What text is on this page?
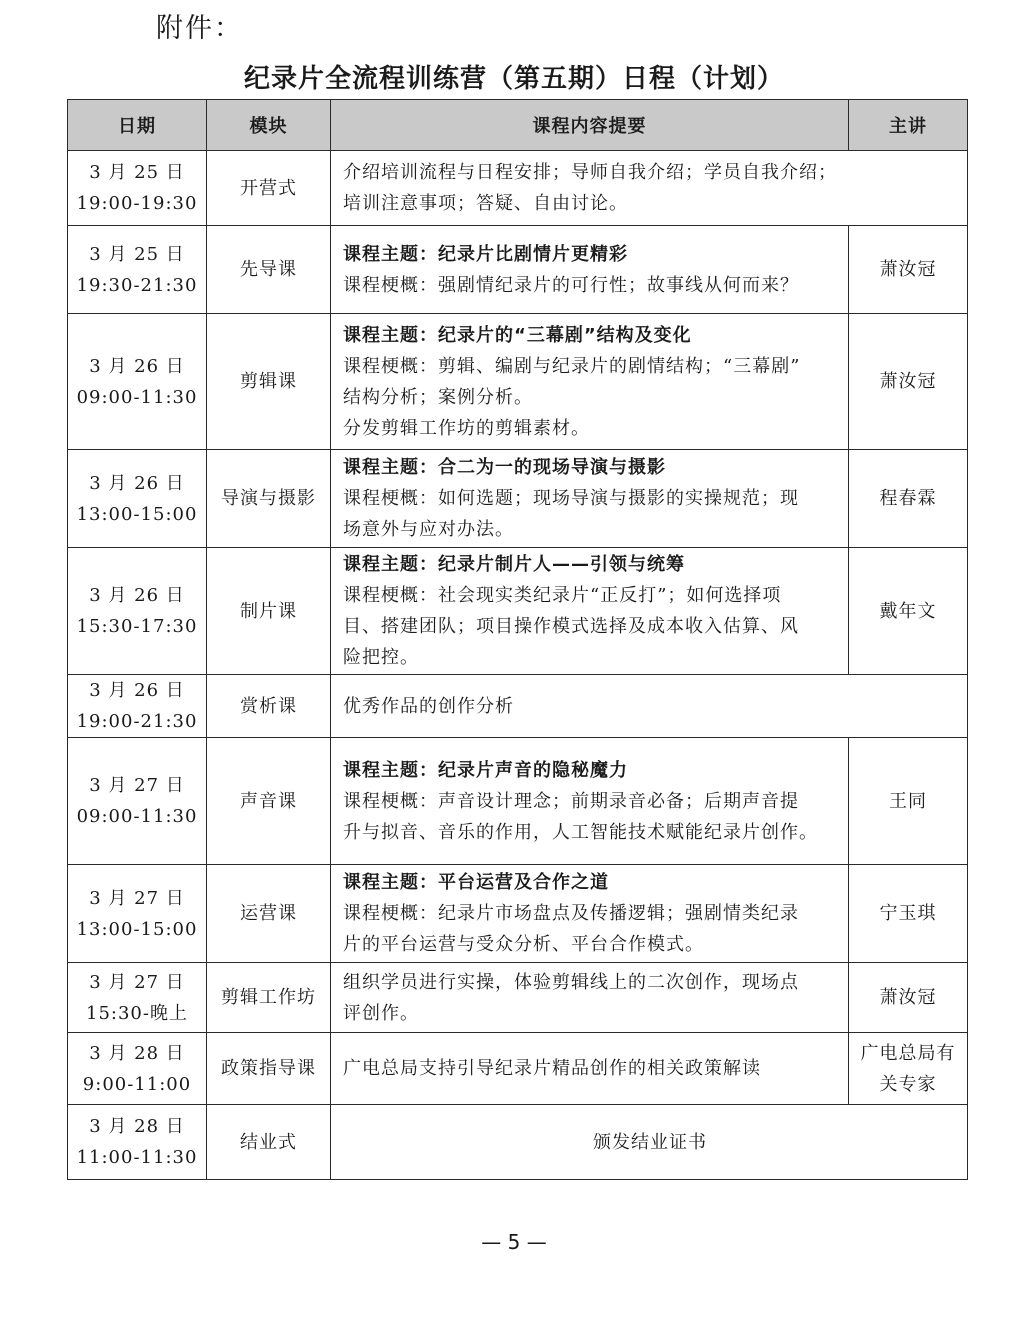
附件：
纪录片全流程训练营（第五期）日程（计划）
日期	模块	课程内容提要	主讲

3 月 25 日
19:00-19:30	开营式	介绍培训流程与日程安排；导师自我介绍；学员自我介绍；
培训注意事项；答疑、自由讨论。	

3 月 25 日
19:30-21:30	先导课	课程主题：纪录片比剧情片更精彩
课程梗概：强剧情纪录片的可行性；故事线从何而来？	萧汝冠

3 月 26 日
09:00-11:30	剪辑课	课程主题：纪录片的“三幕剧”结构及变化
课程梗概：剪辑、编剧与纪录片的剧情结构；“三幕剧”
结构分析；案例分析。
分发剪辑工作坊的剪辑素材。	萧汝冠

3 月 26 日
13:00-15:00	导演与摄影	课程主题：合二为一的现场导演与摄影
课程梗概：如何选题；现场导演与摄影的实操规范；现
场意外与应对办法。	程春霖

3 月 26 日
15:30-17:30	制片课	课程主题：纪录片制片人——引领与统筹
课程梗概：社会现实类纪录片“正反打”；如何选择项
目、搭建团队；项目操作模式选择及成本收入估算、风
险把控。	戴年文

3 月 26 日
19:00-21:30	赏析课	优秀作品的创作分析	

3 月 27 日
09:00-11:30	声音课	课程主题：纪录片声音的隐秘魔力
课程梗概：声音设计理念；前期录音必备；后期声音提
升与拟音、音乐的作用，人工智能技术赋能纪录片创作。	王同

3 月 27 日
13:00-15:00	运营课	课程主题：平台运营及合作之道
课程梗概：纪录片市场盘点及传播逻辑；强剧情类纪录
片的平台运营与受众分析、平台合作模式。	宁玉琪

3 月 27 日
15:30-晚上	剪辑工作坊	组织学员进行实操，体验剪辑线上的二次创作，现场点
评创作。	萧汝冠

3 月 28 日
9:00-11:00	政策指导课	广电总局支持引导纪录片精品创作的相关政策解读	广电总局有关专家

3 月 28 日
11:00-11:30	结业式	颁发结业证书	
— 5 —
